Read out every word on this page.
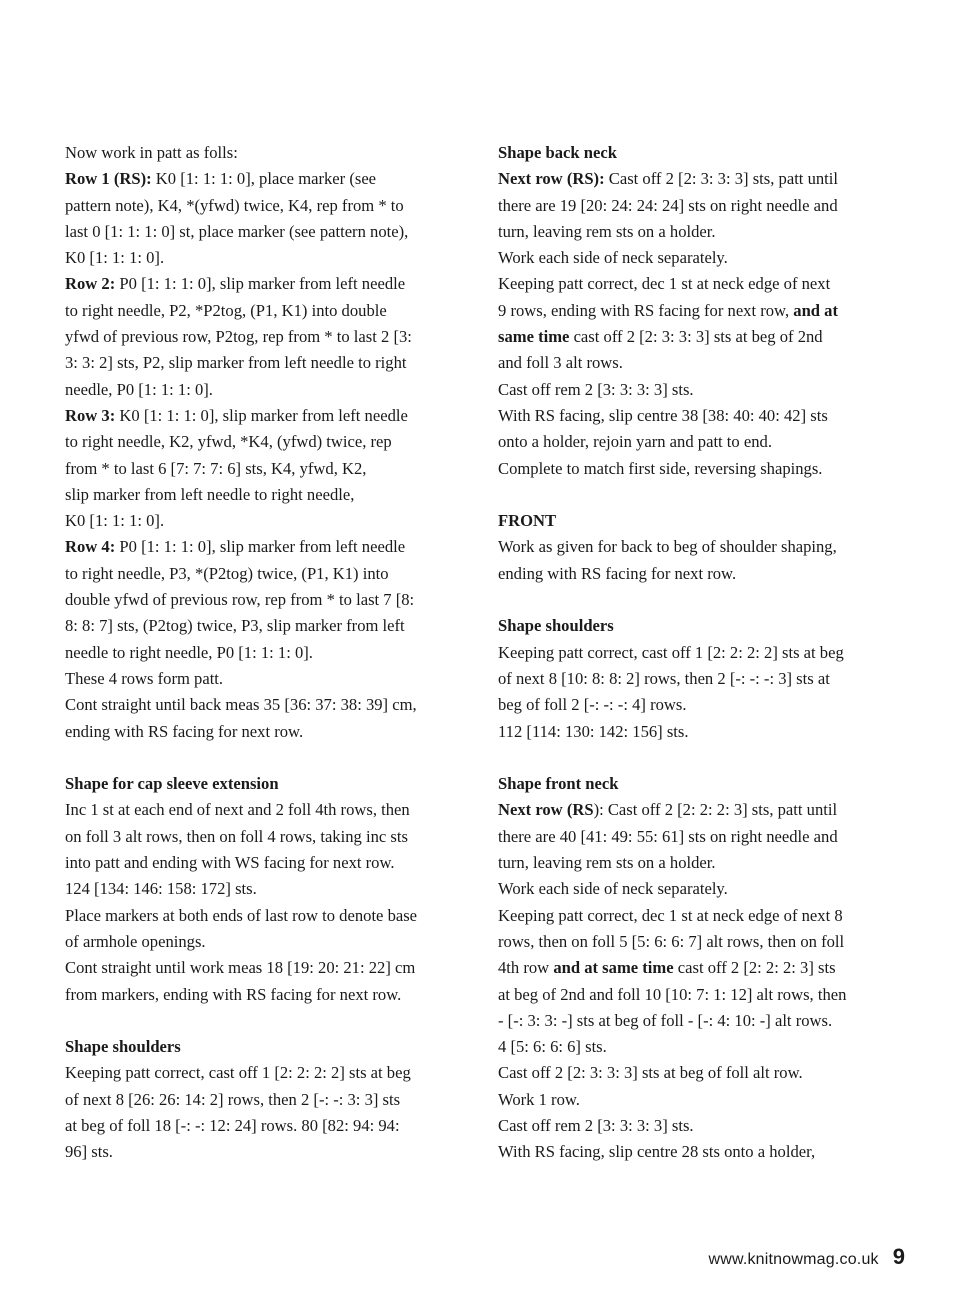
Now work in patt as folls:

Row 1 (RS): K0 [1: 1: 1: 0], place marker (see

pattern note), K4, *(yfwd) twice, K4, rep from * to

last 0 [1: 1: 1: 0] st, place marker (see pattern note),

K0 [1: 1: 1: 0].

Row 2: P0 [1: 1: 1: 0], slip marker from left needle

to right needle, P2, *P2tog, (P1, K1) into double

yfwd of previous row, P2tog, rep from * to last 2 [3:

3: 3: 2] sts, P2, slip marker from left needle to right

needle, P0 [1: 1: 1: 0].

Row 3: K0 [1: 1: 1: 0], slip marker from left needle

to right needle, K2, yfwd, *K4, (yfwd) twice, rep

from * to last 6 [7: 7: 7: 6] sts, K4, yfwd, K2,

slip marker from left needle to right needle,

K0 [1: 1: 1: 0].

Row 4: P0 [1: 1: 1: 0], slip marker from left needle

to right needle, P3, *(P2tog) twice, (P1, K1) into

double yfwd of previous row, rep from * to last 7 [8:

8: 8: 7] sts, (P2tog) twice, P3, slip marker from left

needle to right needle, P0 [1: 1: 1: 0].

These 4 rows form patt.

Cont straight until back meas 35 [36: 37: 38: 39] cm,

ending with RS facing for next row.

Shape for cap sleeve extension

Inc 1 st at each end of next and 2 foll 4th rows, then

on foll 3 alt rows, then on foll 4 rows, taking inc sts

into patt and ending with WS facing for next row.

124 [134: 146: 158: 172] sts.

Place markers at both ends of last row to denote base

of armhole openings.

Cont straight until work meas 18 [19: 20: 21: 22] cm

from markers, ending with RS facing for next row.

Shape shoulders

Keeping patt correct, cast off 1 [2: 2: 2: 2] sts at beg

of next 8 [26: 26: 14: 2] rows, then 2 [-: -: 3: 3] sts

at beg of foll 18 [-: -: 12: 24] rows. 80 [82: 94: 94:

96] sts.

Shape back neck

Next row (RS): Cast off 2 [2: 3: 3: 3] sts, patt until

there are 19 [20: 24: 24: 24] sts on right needle and

turn, leaving rem sts on a holder.

Work each side of neck separately.

Keeping patt correct, dec 1 st at neck edge of next

9 rows, ending with RS facing for next row, and at

same time cast off 2 [2: 3: 3: 3] sts at beg of 2nd

and foll 3 alt rows.

Cast off rem 2 [3: 3: 3: 3] sts.

With RS facing, slip centre 38 [38: 40: 40: 42] sts

onto a holder, rejoin yarn and patt to end.

Complete to match first side, reversing shapings.

FRONT

Work as given for back to beg of shoulder shaping,

ending with RS facing for next row.

Shape shoulders

Keeping patt correct, cast off 1 [2: 2: 2: 2] sts at beg

of next 8 [10: 8: 8: 2] rows, then 2 [-: -: -: 3] sts at

beg of foll 2 [-: -: -: 4] rows.

112 [114: 130: 142: 156] sts.

Shape front neck

Next row (RS): Cast off 2 [2: 2: 2: 3] sts, patt until

there are 40 [41: 49: 55: 61] sts on right needle and

turn, leaving rem sts on a holder.

Work each side of neck separately.

Keeping patt correct, dec 1 st at neck edge of next 8

rows, then on foll 5 [5: 6: 6: 7] alt rows, then on foll

4th row and at same time cast off 2 [2: 2: 2: 3] sts

at beg of 2nd and foll 10 [10: 7: 1: 12] alt rows, then

- [-: 3: 3: -] sts at beg of foll - [-: 4: 10: -] alt rows.

4 [5: 6: 6: 6] sts.

Cast off 2 [2: 3: 3: 3] sts at beg of foll alt row.

Work 1 row.

Cast off rem 2 [3: 3: 3: 3] sts.

With RS facing, slip centre 28 sts onto a holder,

www.knitnowmag.co.uk 9
